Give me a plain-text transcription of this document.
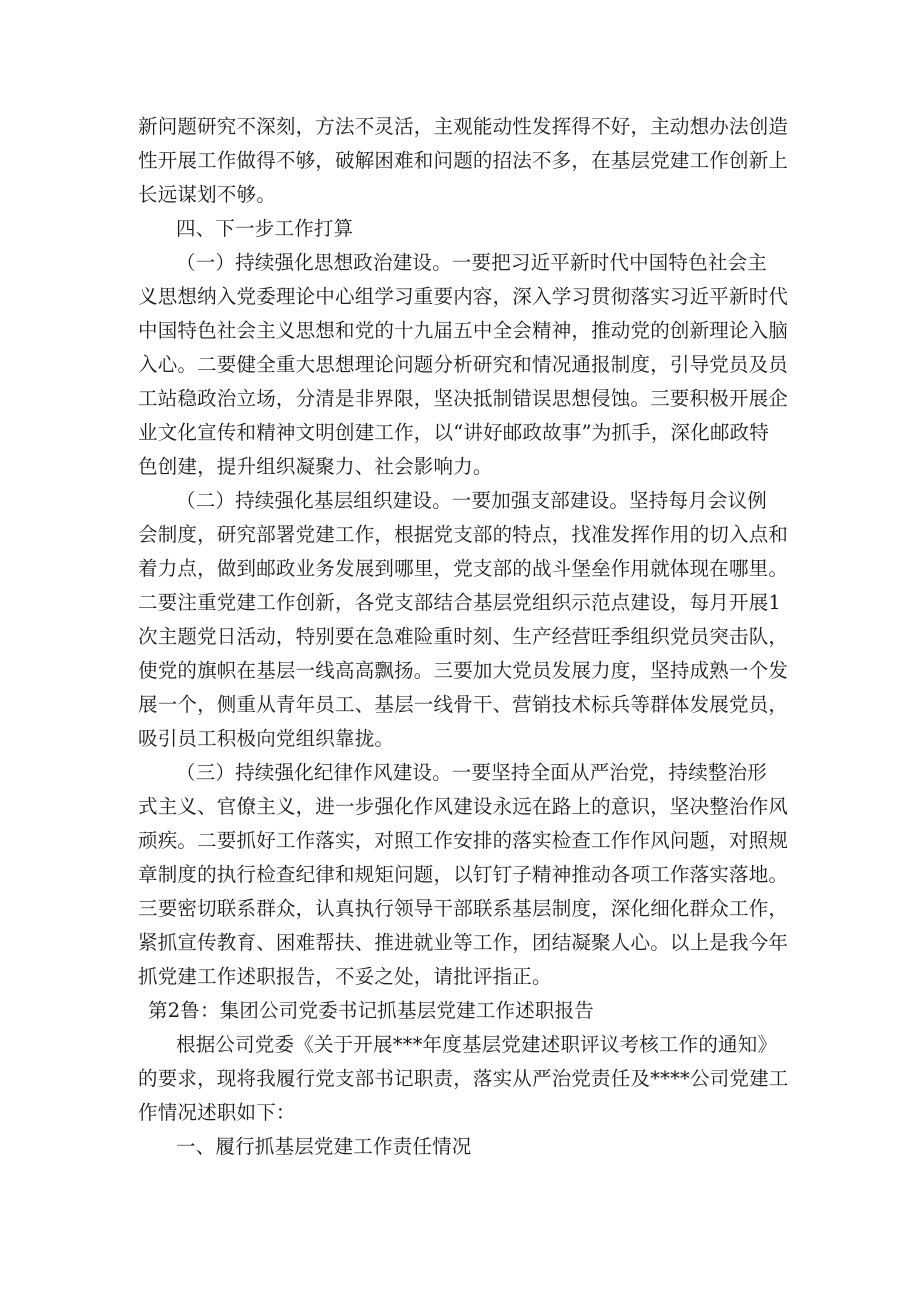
新问题研究不深刻，方法不灵活，主观能动性发挥得不好，主动想办法创造
性开展工作做得不够，破解困难和问题的招法不多，在基层党建工作创新上
长远谋划不够。
四、下一步工作打算
（一）持续强化思想政治建设。一要把习近平新时代中国特色社会主
义思想纳入党委理论中心组学习重要内容，深入学习贯彻落实习近平新时代
中国特色社会主义思想和党的十九届五中全会精神，推动党的创新理论入脑
入心。二要健全重大思想理论问题分析研究和情况通报制度，引导党员及员
工站稳政治立场，分清是非界限，坚决抵制错误思想侵蚀。三要积极开展企
业文化宣传和精神文明创建工作，以“讲好邮政故事”为抓手，深化邮政特
色创建，提升组织凝聚力、社会影响力。
（二）持续强化基层组织建设。一要加强支部建设。坚持每月会议例
会制度，研究部署党建工作，根据党支部的特点，找准发挥作用的切入点和
着力点，做到邮政业务发展到哪里，党支部的战斗堡垒作用就体现在哪里。
二要注重党建工作创新，各党支部结合基层党组织示范点建设，每月开展1
次主题党日活动，特别要在急难险重时刻、生产经营旺季组织党员突击队，
使党的旗帜在基层一线高高飘扬。三要加大党员发展力度，坚持成熟一个发
展一个，侧重从青年员工、基层一线骨干、营销技术标兵等群体发展党员，
吸引员工积极向党组织靠拢。
（三）持续强化纪律作风建设。一要坚持全面从严治党，持续整治形
式主义、官僚主义，进一步强化作风建设永远在路上的意识，坚决整治作风
顽疾。二要抓好工作落实，对照工作安排的落实检查工作作风问题，对照规
章制度的执行检查纪律和规矩问题，以钉钉子精神推动各项工作落实落地。
三要密切联系群众，认真执行领导干部联系基层制度，深化细化群众工作，
紧抓宣传教育、困难帮扶、推进就业等工作，团结凝聚人心。以上是我今年
抓党建工作述职报告，不妥之处，请批评指正。
第2鲁：集团公司党委书记抓基层党建工作述职报告
根据公司党委《关于开展***年度基层党建述职评议考核工作的通知》
的要求，现将我履行党支部书记职责，落实从严治党责任及****公司党建工
作情况述职如下：
一、履行抓基层党建工作责任情况
